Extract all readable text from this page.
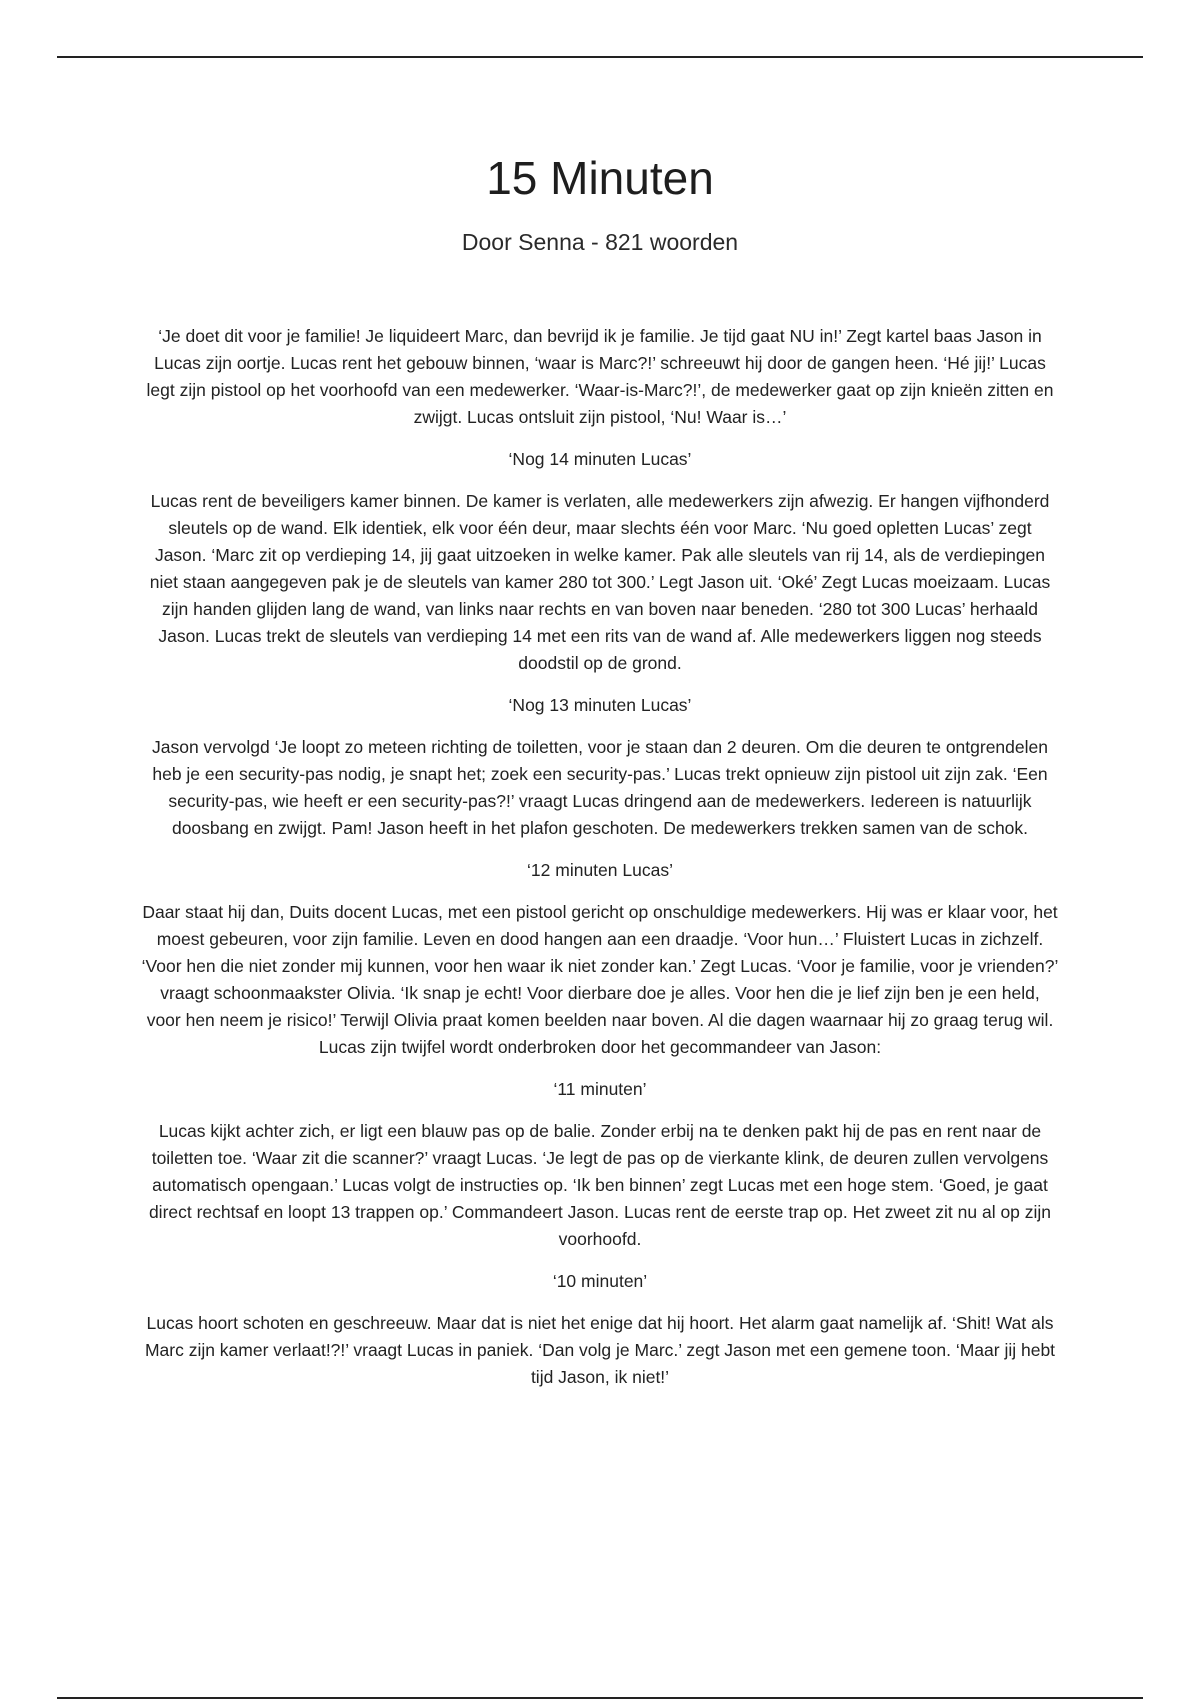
15 Minuten

Door Senna - 821 woorden

‘Je doet dit voor je familie! Je liquideert Marc, dan bevrijd ik je familie. Je tijd gaat NU in!’ Zegt kartel baas Jason in Lucas zijn oortje. Lucas rent het gebouw binnen, ‘waar is Marc?!’ schreeuwt hij door de gangen heen. ‘Hé jij!’ Lucas legt zijn pistool op het voorhoofd van een medewerker. ‘Waar-is-Marc?!’, de medewerker gaat op zijn knieën zitten en zwijgt. Lucas ontsluit zijn pistool, ‘Nu! Waar is…’

‘Nog 14 minuten Lucas’

Lucas rent de beveiligers kamer binnen. De kamer is verlaten, alle medewerkers zijn afwezig. Er hangen vijfhonderd sleutels op de wand. Elk identiek, elk voor één deur, maar slechts één voor Marc. ‘Nu goed opletten Lucas’ zegt Jason. ‘Marc zit op verdieping 14, jij gaat uitzoeken in welke kamer. Pak alle sleutels van rij 14, als de verdiepingen niet staan aangegeven pak je de sleutels van kamer 280 tot 300.’ Legt Jason uit. ‘Oké’ Zegt Lucas moeizaam. Lucas zijn handen glijden lang de wand, van links naar rechts en van boven naar beneden. ‘280 tot 300 Lucas’ herhaald Jason. Lucas trekt de sleutels van verdieping 14 met een rits van de wand af. Alle medewerkers liggen nog steeds doodstil op de grond.

‘Nog 13 minuten Lucas’

Jason vervolgd ‘Je loopt zo meteen richting de toiletten, voor je staan dan 2 deuren. Om die deuren te ontgrendelen heb je een security-pas nodig, je snapt het; zoek een security-pas.’ Lucas trekt opnieuw zijn pistool uit zijn zak. ‘Een security-pas, wie heeft er een security-pas?!’ vraagt Lucas dringend aan de medewerkers. Iedereen is natuurlijk doosbang en zwijgt. Pam! Jason heeft in het plafon geschoten. De medewerkers trekken samen van de schok.

‘12 minuten Lucas’

Daar staat hij dan, Duits docent Lucas, met een pistool gericht op onschuldige medewerkers. Hij was er klaar voor, het moest gebeuren, voor zijn familie. Leven en dood hangen aan een draadje. ‘Voor hun…’ Fluistert Lucas in zichzelf. ‘Voor hen die niet zonder mij kunnen, voor hen waar ik niet zonder kan.’ Zegt Lucas. ‘Voor je familie, voor je vrienden?’ vraagt schoonmaakster Olivia. ‘Ik snap je echt! Voor dierbare doe je alles. Voor hen die je lief zijn ben je een held, voor hen neem je risico!’ Terwijl Olivia praat komen beelden naar boven. Al die dagen waarnaar hij zo graag terug wil. Lucas zijn twijfel wordt onderbroken door het gecommandeer van Jason:

‘11 minuten’

Lucas kijkt achter zich, er ligt een blauw pas op de balie. Zonder erbij na te denken pakt hij de pas en rent naar de toiletten toe. ‘Waar zit die scanner?’ vraagt Lucas. ‘Je legt de pas op de vierkante klink, de deuren zullen vervolgens automatisch opengaan.’ Lucas volgt de instructies op. ‘Ik ben binnen’ zegt Lucas met een hoge stem. ‘Goed, je gaat direct rechtsaf en loopt 13 trappen op.’ Commandeert Jason. Lucas rent de eerste trap op. Het zweet zit nu al op zijn voorhoofd.

‘10 minuten’

Lucas hoort schoten en geschreeuw. Maar dat is niet het enige dat hij hoort. Het alarm gaat namelijk af. ‘Shit! Wat als Marc zijn kamer verlaat!?!’ vraagt Lucas in paniek. ‘Dan volg je Marc.’ zegt Jason met een gemene toon. ‘Maar jij hebt tijd Jason, ik niet!’
